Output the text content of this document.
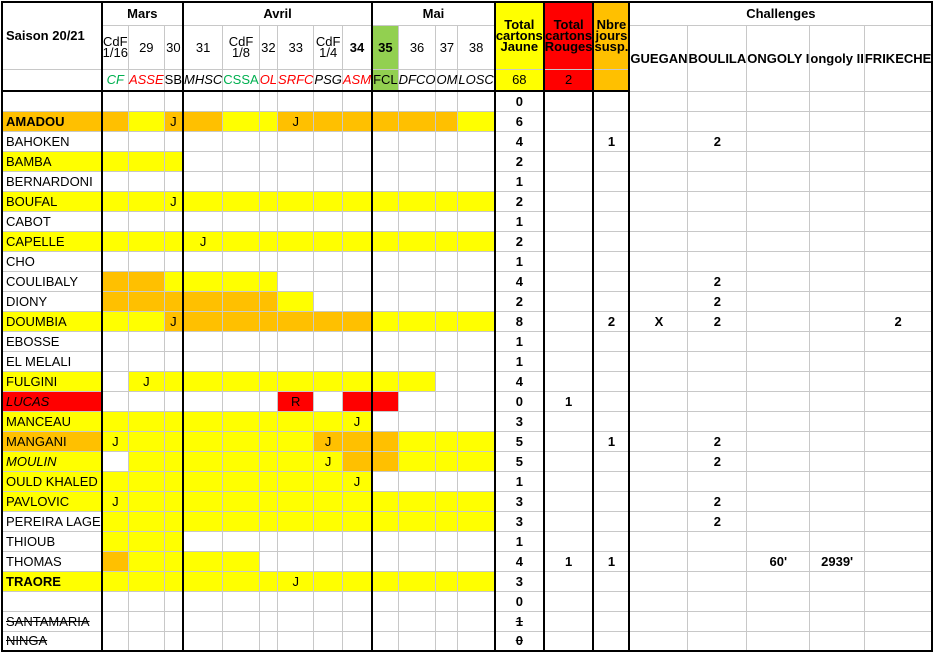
Saison 20/21	Mars			Avril						Mai				Total cartons Jaune	Total cartons Rouges	Nbre jours susp.	Challenges				
	CdF 1/16	29	30	31	CdF 1/8	32	33	CdF 1/4	34	35	36	37	38				GUEGAN	BOULILA	ONGOLY I	ongoly II	FRIKECHE
	CF	ASSE	SB	MHSC	CSSA	OL	SRFC	PSG	ASM	FCL	DFCO	OM	LOSC	68	2						
														0							
AMADOU			J				J							6							
BAHOKEN														4		1		2			
BAMBA														2							
BERNARDONI														1							
BOUFAL			J											2							
CABOT														1							
CAPELLE				J										2							
CHO														1							
COULIBALY														4				2			
DIONY														2				2			
DOUMBIA			J											8		2	X	2			2
EBOSSE														1							
EL MELALI														1							
FULGINI		J												4							
LUCAS							R							0	1						
MANCEAU									J					3							
MANGANI	J							J						5		1		2			
MOULIN								J						5				2			
OULD KHALED									J					1							
PAVLOVIC	J													3				2			
PEREIRA LAGE														3				2			
THIOUB														1							
THOMAS														4	1	1			60'	2939'	
TRAORE							J							3							
														0							
SANTAMARIA														1							
NINGA														0							
